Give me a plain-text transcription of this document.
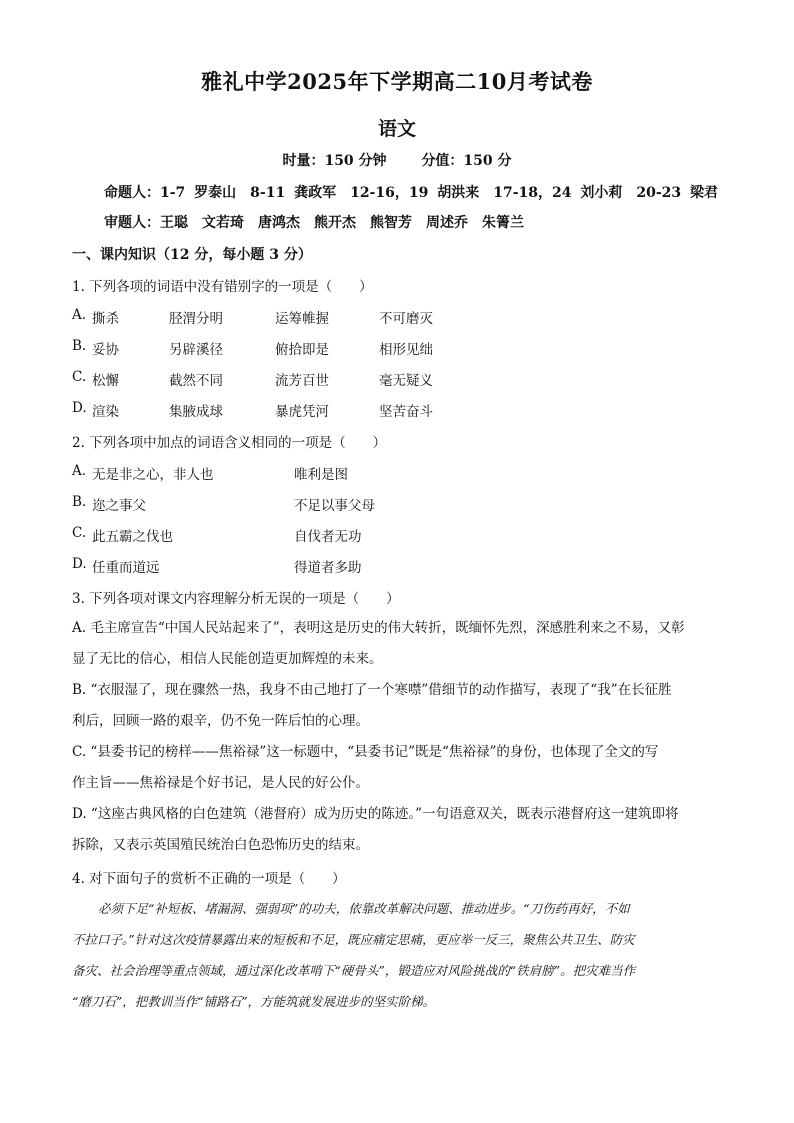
雅礼中学2025年下学期高二10月考试卷
语文
时量：150 分钟 分值：150 分
命题人：1-7 罗泰山　8-11 龚政军　12-16，19 胡洪来　17-18，24 刘小莉　20-23 梁君
审题人：王聪 文若琦 唐鸿杰 熊开杰 熊智芳 周述乔 朱箐兰
一、课内知识（12 分，每小题 3 分）
1. 下列各项的词语中没有错别字的一项是（　　）
A. 撕杀	胫渭分明	运筹帷握	不可磨灭
B. 妥协	另辟溪径	俯拾即是	相形见绌
C. 松懈	截然不同	流芳百世	毫无疑义
D. 渲染	集腋成球	暴虎凭河	坚苦奋斗
2. 下列各项中加点的词语含义相同的一项是（　　）
A. 无是非之心，非人也	唯利是图
B. 迩之事父	不足以事父母
C. 此五霸之伐也	自伐者无功
D. 任重而道远	得道者多助
3. 下列各项对课文内容理解分析无误的一项是（　　）
A. 毛主席宣告“中国人民站起来了”，表明这是历史的伟大转折，既缅怀先烈，深感胜利来之不易，又彰
显了无比的信心，相信人民能创造更加辉煌的未来。
B. “衣服湿了，现在骤然一热，我身不由己地打了一个寒噤”借细节的动作描写，表现了“我”在长征胜
利后，回顾一路的艰辛，仍不免一阵后怕的心理。
C. “县委书记的榜样——焦裕禄”这一标题中，“县委书记”既是“焦裕禄”的身份，也体现了全文的写
作主旨——焦裕禄是个好书记，是人民的好公仆。
D. “这座古典风格的白色建筑（港督府）成为历史的陈迹。”一句语意双关，既表示港督府这一建筑即将
拆除，又表示英国殖民统治白色恐怖历史的结束。
4. 对下面句子的赏析不正确的一项是（　　）
必须下足“补短板、堵漏洞、强弱项”的功夫，依靠改革解决问题、推动进步。“刀伤药再好，不如
不拉口子。”针对这次疫情暴露出来的短板和不足，既应痛定思痛，更应举一反三，聚焦公共卫生、防灾
备灾、社会治理等重点领域，通过深化改革啃下“硬骨头”，锻造应对风险挑战的“铁肩膀”。把灾难当作
“磨刀石”，把教训当作“铺路石”，方能筑就发展进步的坚实阶梯。
